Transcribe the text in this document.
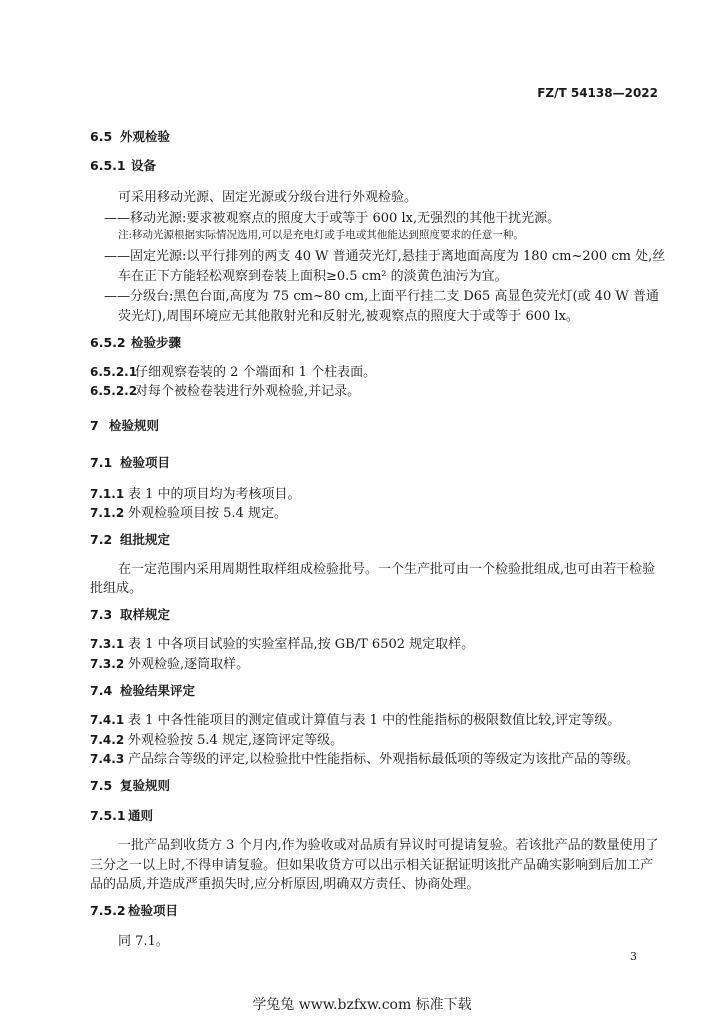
FZ/T 54138—2022
6.5 外观检验
6.5.1 设备
可采用移动光源、固定光源或分级台进行外观检验。
——移动光源:要求被观察点的照度大于或等于 600 lx,无强烈的其他干扰光源。
注:移动光源根据实际情况选用,可以是充电灯或手电或其他能达到照度要求的任意一种。
——固定光源:以平行排列的两支 40 W 普通荧光灯,悬挂于离地面高度为 180 cm~200 cm 处,丝
车在正下方能轻松观察到卷装上面积≥0.5 cm² 的淡黄色油污为宜。
——分级台:黑色台面,高度为 75 cm~80 cm,上面平行挂二支 D65 高显色荧光灯(或 40 W 普通
荧光灯),周围环境应无其他散射光和反射光,被观察点的照度大于或等于 600 lx。
6.5.2 检验步骤
6.5.2.1仔细观察卷装的 2 个端面和 1 个柱表面。
6.5.2.2对每个被检卷装进行外观检验,并记录。
7 检验规则
7.1 检验项目
7.1.1 表 1 中的项目均为考核项目。
7.1.2 外观检验项目按 5.4 规定。
7.2 组批规定
在一定范围内采用周期性取样组成检验批号。一个生产批可由一个检验批组成,也可由若干检验
批组成。
7.3 取样规定
7.3.1 表 1 中各项目试验的实验室样品,按 GB/T 6502 规定取样。
7.3.2 外观检验,逐筒取样。
7.4 检验结果评定
7.4.1 表 1 中各性能项目的测定值或计算值与表 1 中的性能指标的极限数值比较,评定等级。
7.4.2 外观检验按 5.4 规定,逐筒评定等级。
7.4.3 产品综合等级的评定,以检验批中性能指标、外观指标最低项的等级定为该批产品的等级。
7.5 复验规则
7.5.1 通则
一批产品到收货方 3 个月内,作为验收或对品质有异议时可提请复验。若该批产品的数量使用了
三分之一以上时,不得申请复验。但如果收货方可以出示相关证据证明该批产品确实影响到后加工产
品的品质,并造成严重损失时,应分析原因,明确双方责任、协商处理。
7.5.2 检验项目
同 7.1。
3
学兔兔 www.bzfxw.com 标准下载
